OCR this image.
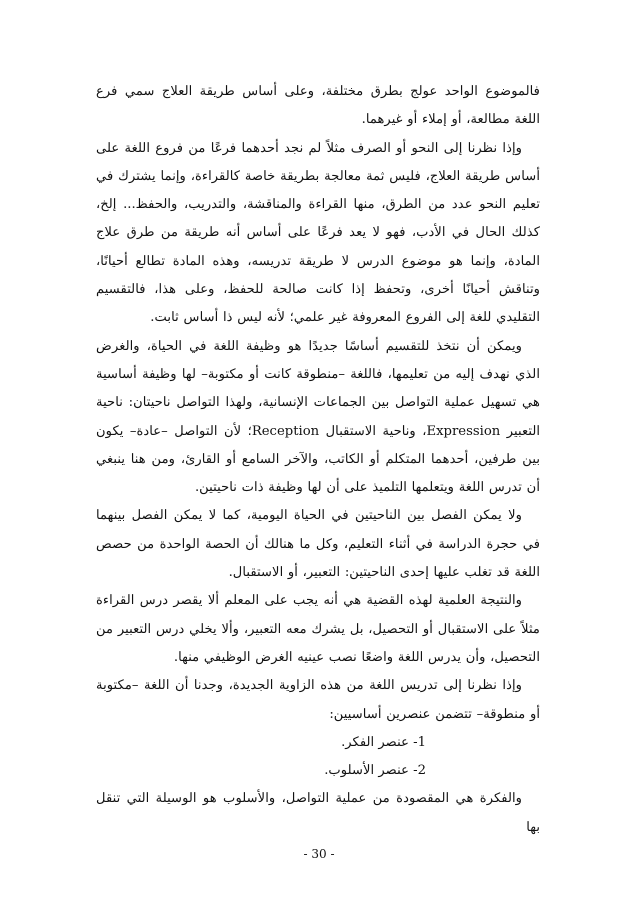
فالموضوع الواحد عولج بطرق مختلفة، وعلى أساس طريقة العلاج سمي فرع اللغة مطالعة، أو إملاء أو غيرهما.

وإذا نظرنا إلى النحو أو الصرف مثلاً لم نجد أحدهما فرعًا من فروع اللغة على أساس طريقة العلاج، فليس ثمة معالجة بطريقة خاصة كالقراءة، وإنما يشترك في تعليم النحو عدد من الطرق، منها القراءة والمناقشة، والتدريب، والحفظ... إلخ، كذلك الحال في الأدب، فهو لا يعد فرعًا على أساس أنه طريقة من طرق علاج المادة، وإنما هو موضوع الدرس لا طريقة تدريسه، وهذه المادة تطالع أحيانًا، وتناقش أحيانًا أخرى، وتحفظ إذا كانت صالحة للحفظ، وعلى هذا، فالتقسيم التقليدي للغة إلى الفروع المعروفة غير علمي؛ لأنه ليس ذا أساس ثابت.

ويمكن أن نتخذ للتقسيم أساسًا جديدًا هو وظيفة اللغة في الحياة، والغرض الذي نهدف إليه من تعليمها، فاللغة –منطوقة كانت أو مكتوبة– لها وظيفة أساسية هي تسهيل عملية التواصل بين الجماعات الإنسانية، ولهذا التواصل ناحيتان: ناحية التعبير Expression، وناحية الاستقبال Reception؛ لأن التواصل –عادة– يكون بين طرفين، أحدهما المتكلم أو الكاتب، والآخر السامع أو القارئ، ومن هنا ينبغي أن تدرس اللغة ويتعلمها التلميذ على أن لها وظيفة ذات ناحيتين.

ولا يمكن الفصل بين الناحيتين في الحياة اليومية، كما لا يمكن الفصل بينهما في حجرة الدراسة في أثناء التعليم، وكل ما هنالك أن الحصة الواحدة من حصص اللغة قد تغلب عليها إحدى الناحيتين: التعبير، أو الاستقبال.

والنتيجة العلمية لهذه القضية هي أنه يجب على المعلم ألا يقصر درس القراءة مثلاً على الاستقبال أو التحصيل، بل يشرك معه التعبير، وألا يخلي درس التعبير من التحصيل، وأن يدرس اللغة واضعًا نصب عينيه الغرض الوظيفي منها.

وإذا نظرنا إلى تدريس اللغة من هذه الزاوية الجديدة، وجدنا أن اللغة –مكتوبة أو منطوقة– تتضمن عنصرين أساسيين:

1- عنصر الفكر.
2- عنصر الأسلوب.

والفكرة هي المقصودة من عملية التواصل، والأسلوب هو الوسيلة التي تنقل بها

- 30 -
